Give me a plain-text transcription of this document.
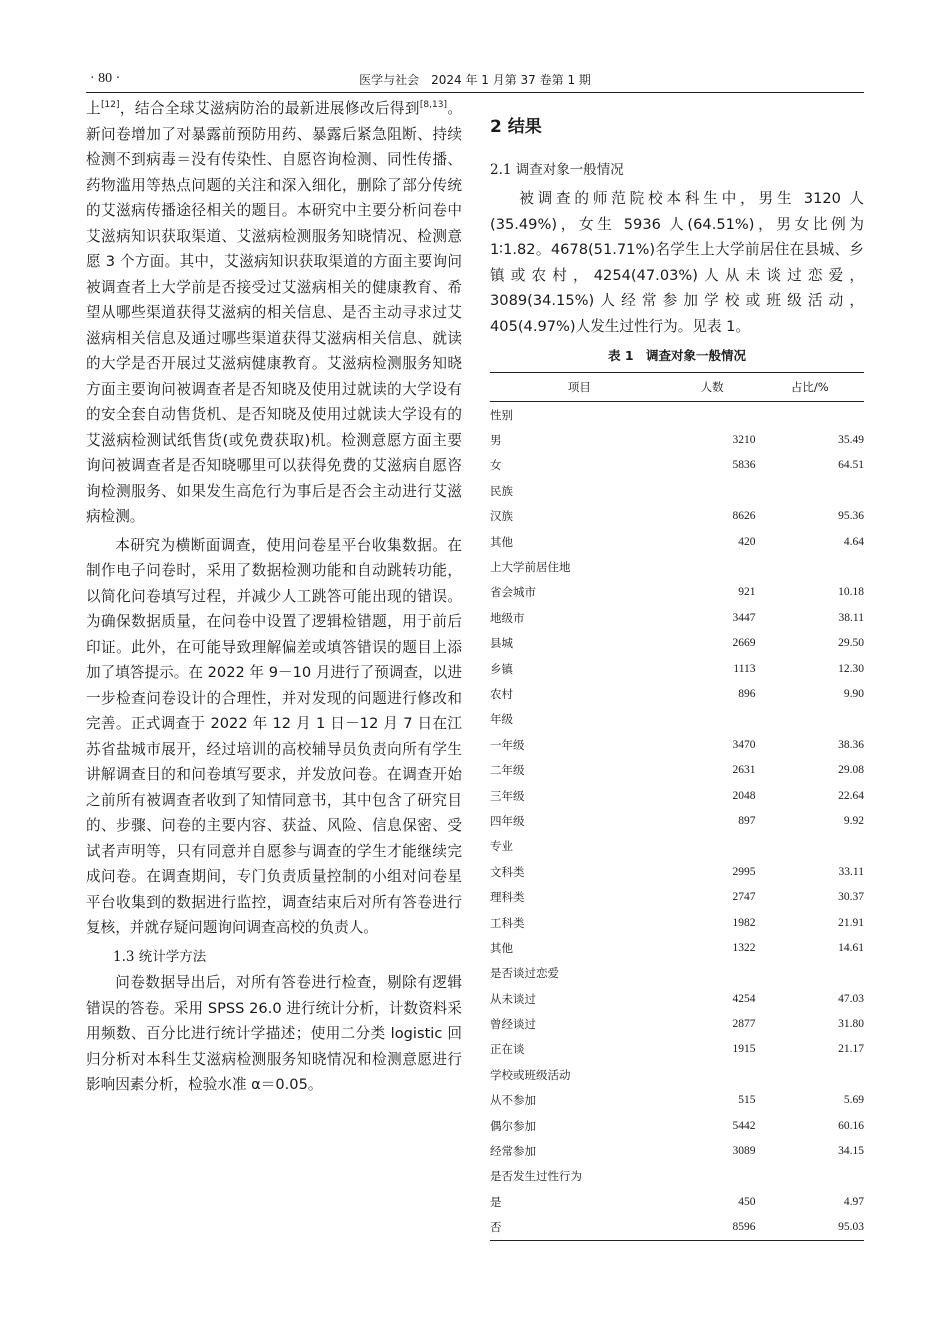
· 80 ·	医学与社会　2024 年 1 月第 37 卷第 1 期

上[12]，结合全球艾滋病防治的最新进展修改后得到[8,13]。新问卷增加了对暴露前预防用药、暴露后紧急阻断、持续检测不到病毒＝没有传染性、自愿咨询检测、同性传播、药物滥用等热点问题的关注和深入细化，删除了部分传统的艾滋病传播途径相关的题目。本研究中主要分析问卷中艾滋病知识获取渠道、艾滋病检测服务知晓情况、检测意愿 3 个方面。其中，艾滋病知识获取渠道的方面主要询问被调查者上大学前是否接受过艾滋病相关的健康教育、希望从哪些渠道获得艾滋病的相关信息、是否主动寻求过艾滋病相关信息及通过哪些渠道获得艾滋病相关信息、就读的大学是否开展过艾滋病健康教育。艾滋病检测服务知晓方面主要询问被调查者是否知晓及使用过就读的大学设有的安全套自动售货机、是否知晓及使用过就读大学设有的艾滋病检测试纸售货(或免费获取)机。检测意愿方面主要询问被调查者是否知晓哪里可以获得免费的艾滋病自愿咨询检测服务、如果发生高危行为事后是否会主动进行艾滋病检测。

本研究为横断面调查，使用问卷星平台收集数据。在制作电子问卷时，采用了数据检测功能和自动跳转功能，以简化问卷填写过程，并减少人工跳答可能出现的错误。为确保数据质量，在问卷中设置了逻辑检错题，用于前后印证。此外，在可能导致理解偏差或填答错误的题目上添加了填答提示。在 2022 年 9－10 月进行了预调查，以进一步检查问卷设计的合理性，并对发现的问题进行修改和完善。正式调查于 2022 年 12 月 1 日－12 月 7 日在江苏省盐城市展开，经过培训的高校辅导员负责向所有学生讲解调查目的和问卷填写要求，并发放问卷。在调查开始之前所有被调查者收到了知情同意书，其中包含了研究目的、步骤、问卷的主要内容、获益、风险、信息保密、受试者声明等，只有同意并自愿参与调查的学生才能继续完成问卷。在调查期间，专门负责质量控制的小组对问卷星平台收集到的数据进行监控，调查结束后对所有答卷进行复核，并就存疑问题询问调查高校的负责人。

1.3 统计学方法

问卷数据导出后，对所有答卷进行检查，剔除有逻辑错误的答卷。采用 SPSS 26.0 进行统计分析，计数资料采用频数、百分比进行统计学描述；使用二分类 logistic 回归分析对本科生艾滋病检测服务知晓情况和检测意愿进行影响因素分析，检验水准 α＝0.05。

2 结果
2.1 调查对象一般情况

被调查的师范院校本科生中，男生 3120 人(35.49%)，女生 5936 人(64.51%)，男女比例为 1∶1.82。4678(51.71%)名学生上大学前居住在县城、乡镇或农村，4254(47.03%)人从未谈过恋爱，3089(34.15%)人经常参加学校或班级活动，405(4.97%)人发生过性行为。见表 1。

表 1　调查对象一般情况
项目	人数	占比/%
性别		
男	3210	35.49
女	5836	64.51
民族		
汉族	8626	95.36
其他	420	4.64
上大学前居住地		
省会城市	921	10.18
地级市	3447	38.11
县城	2669	29.50
乡镇	1113	12.30
农村	896	9.90
年级		
一年级	3470	38.36
二年级	2631	29.08
三年级	2048	22.64
四年级	897	9.92
专业		
文科类	2995	33.11
理科类	2747	30.37
工科类	1982	21.91
其他	1322	14.61
是否谈过恋爱		
从未谈过	4254	47.03
曾经谈过	2877	31.80
正在谈	1915	21.17
学校或班级活动		
从不参加	515	5.69
偶尔参加	5442	60.16
经常参加	3089	34.15
是否发生过性行为		
是	450	4.97
否	8596	95.03
